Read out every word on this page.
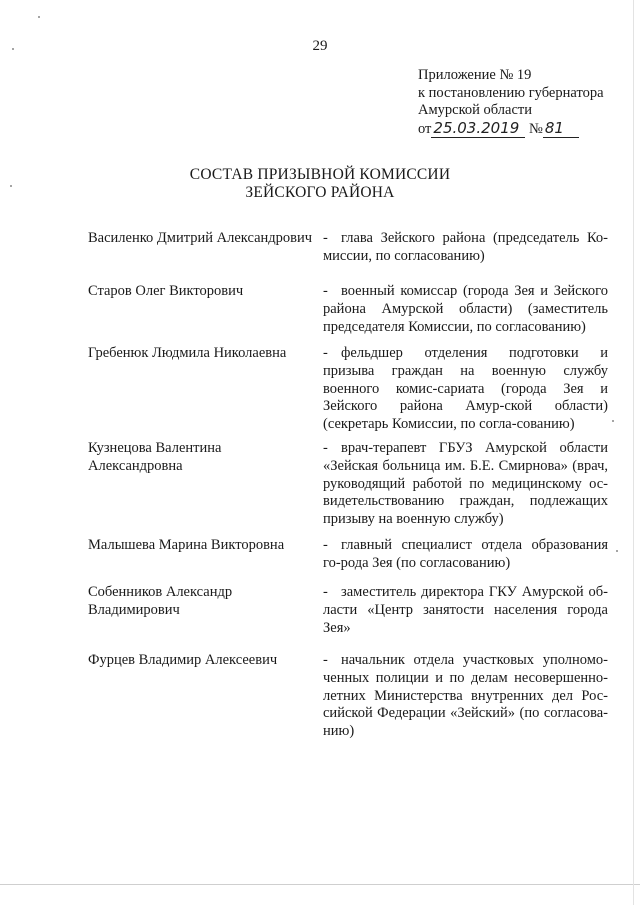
29
Приложение № 19
к постановлению губернатора
Амурской области
от 25.03.2019 № 81
СОСТАВ ПРИЗЫВНОЙ КОМИССИИ
ЗЕЙСКОГО РАЙОНА
Василенко Дмитрий Александрович - глава Зейского района (председатель Ко-миссии, по согласованию)
Старов Олег Викторович	- военный комиссар (города Зея и Зейского района Амурской области) (заместитель председателя Комиссии, по согласованию)
Гребенюк Людмила Николаевна	- фельдшер отделения подготовки и призыва граждан на военную службу военного комис-сариата (города Зея и Зейского района Амур-ской области) (секретарь Комиссии, по согла-сованию)
Кузнецова Валентина Александровна
- врач-терапевт ГБУЗ Амурской области «Зейская больница им. Б.Е. Смирнова» (врач, руководящий работой по медицинскому ос-видетельствованию граждан, подлежащих призыву на военную службу)
Малышева Марина Викторовна	- главный специалист отдела образования го-рода Зея (по согласованию)
Собенников Александр Владимирович
- заместитель директора ГКУ Амурской об-ласти «Центр занятости населения города Зея»
Фурцев Владимир Алексеевич	- начальник отдела участковых уполномо-ченных полиции и по делам несовершенно-летних Министерства внутренних дел Рос-сийской Федерации «Зейский» (по согласова-нию)
